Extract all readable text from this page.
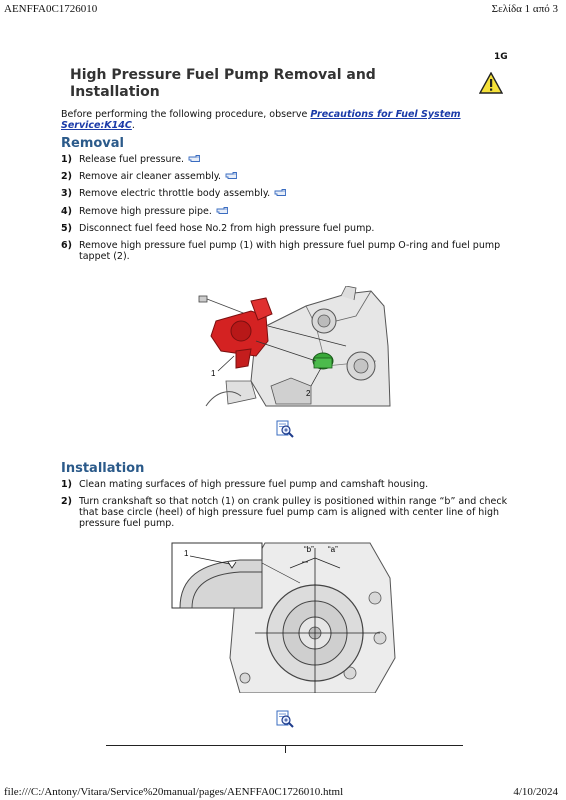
AENFFA0C1726010	Σελίδα 1 από 3
1G
High Pressure Fuel Pump Removal and Installation
Before performing the following procedure, observe Precautions for Fuel System Service:K14C.
Removal
1) Release fuel pressure.
2) Remove air cleaner assembly.
3) Remove electric throttle body assembly.
4) Remove high pressure pipe.
5) Disconnect fuel feed hose No.2 from high pressure fuel pump.
6) Remove high pressure fuel pump (1) with high pressure fuel pump O-ring and fuel pump tappet (2).
1
2
Installation
1) Clean mating surfaces of high pressure fuel pump and camshaft housing.
2) Turn crankshaft so that notch (1) on crank pulley is positioned within range “b” and check that base circle (heel) of high pressure fuel pump cam is aligned with center line of high pressure fuel pump.
1	“b” “a”
file:///C:/Antony/Vitara/Service%20manual/pages/AENFFA0C1726010.html	4/10/2024
